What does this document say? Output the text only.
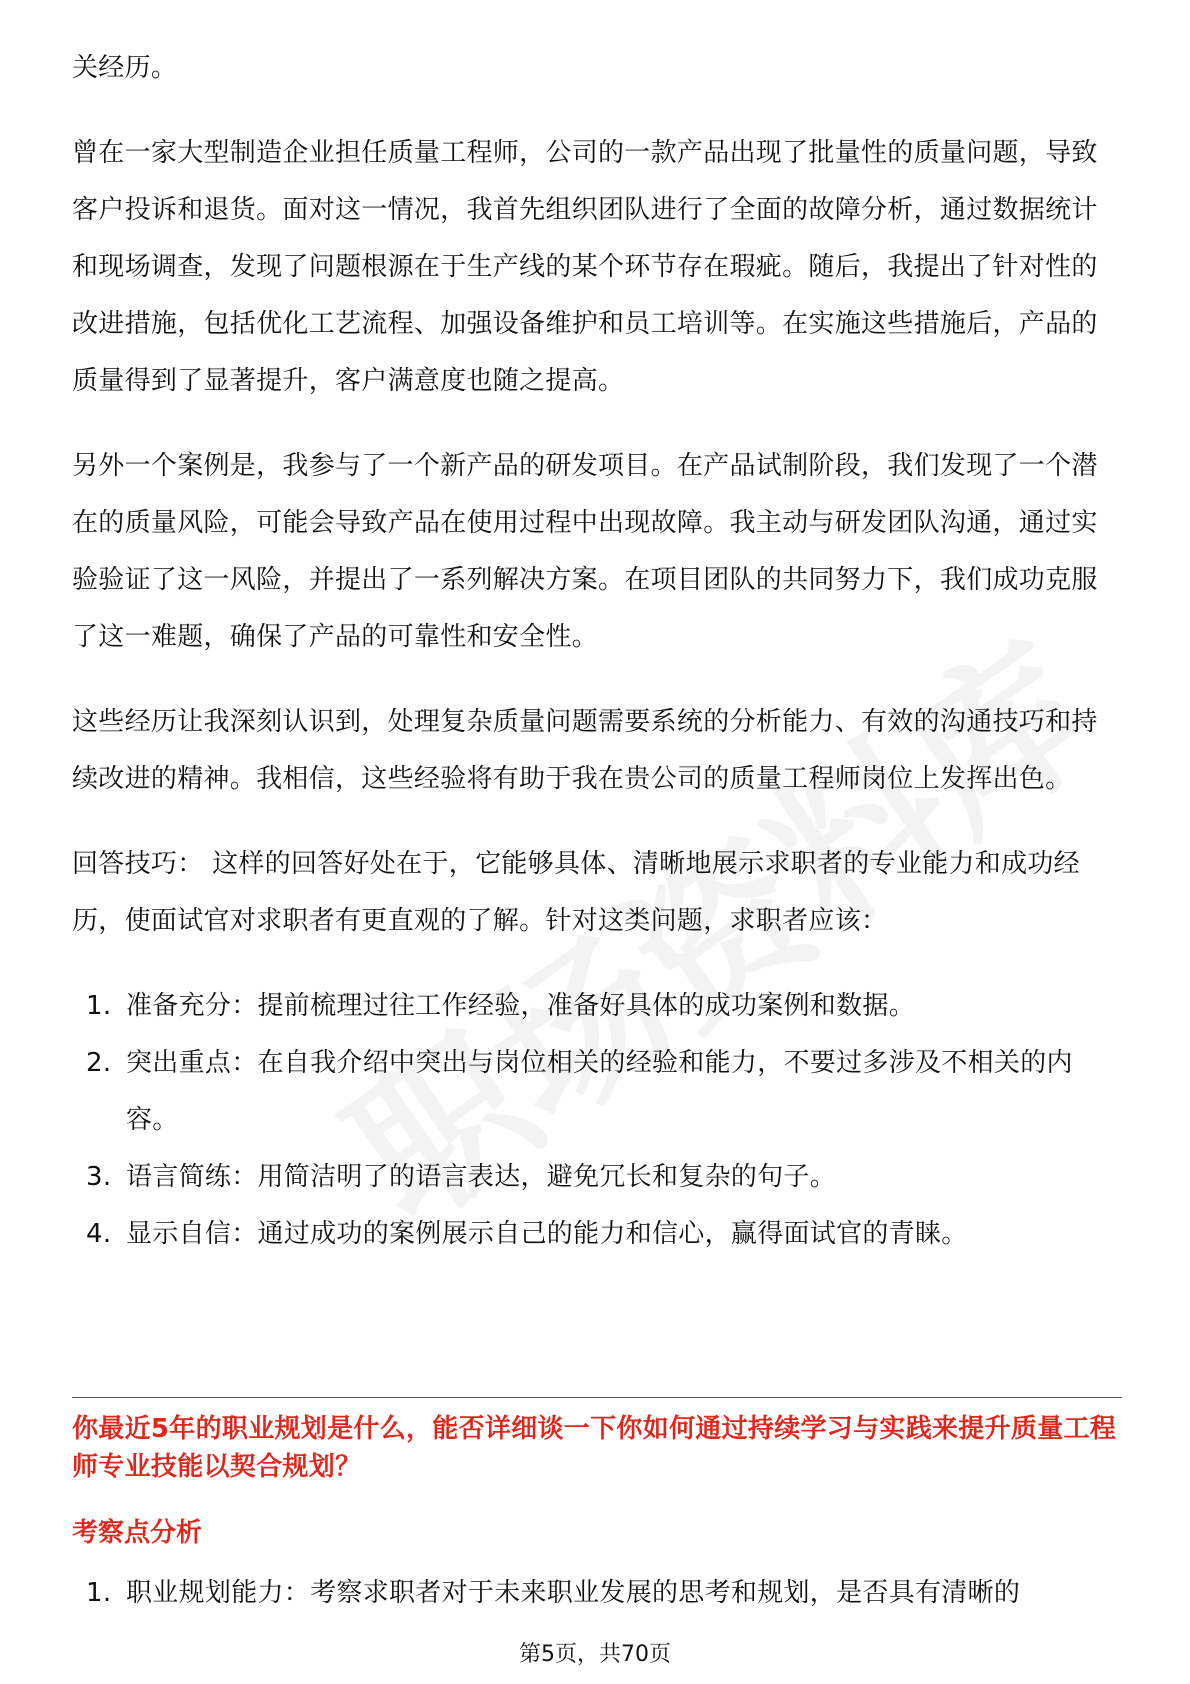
关经历。

曾在一家大型制造企业担任质量工程师，公司的一款产品出现了批量性的质量问题，导致客户投诉和退货。面对这一情况，我首先组织团队进行了全面的故障分析，通过数据统计和现场调查，发现了问题根源在于生产线的某个环节存在瑕疵。随后，我提出了针对性的改进措施，包括优化工艺流程、加强设备维护和员工培训等。在实施这些措施后，产品的质量得到了显著提升，客户满意度也随之提高。

另外一个案例是，我参与了一个新产品的研发项目。在产品试制阶段，我们发现了一个潜在的质量风险，可能会导致产品在使用过程中出现故障。我主动与研发团队沟通，通过实验验证了这一风险，并提出了一系列解决方案。在项目团队的共同努力下，我们成功克服了这一难题，确保了产品的可靠性和安全性。

这些经历让我深刻认识到，处理复杂质量问题需要系统的分析能力、有效的沟通技巧和持续改进的精神。我相信，这些经验将有助于我在贵公司的质量工程师岗位上发挥出色。

回答技巧： 这样的回答好处在于，它能够具体、清晰地展示求职者的专业能力和成功经历，使面试官对求职者有更直观的了解。针对这类问题，求职者应该：

1. 准备充分：提前梳理过往工作经验，准备好具体的成功案例和数据。
2. 突出重点：在自我介绍中突出与岗位相关的经验和能力，不要过多涉及不相关的内容。
3. 语言简练：用简洁明了的语言表达，避免冗长和复杂的句子。
4. 显示自信：通过成功的案例展示自己的能力和信心，赢得面试官的青睐。
你最近5年的职业规划是什么，能否详细谈一下你如何通过持续学习与实践来提升质量工程师专业技能以契合规划？
考察点分析
1. 职业规划能力：考察求职者对于未来职业发展的思考和规划，是否具有清晰的
第5页，共70页
